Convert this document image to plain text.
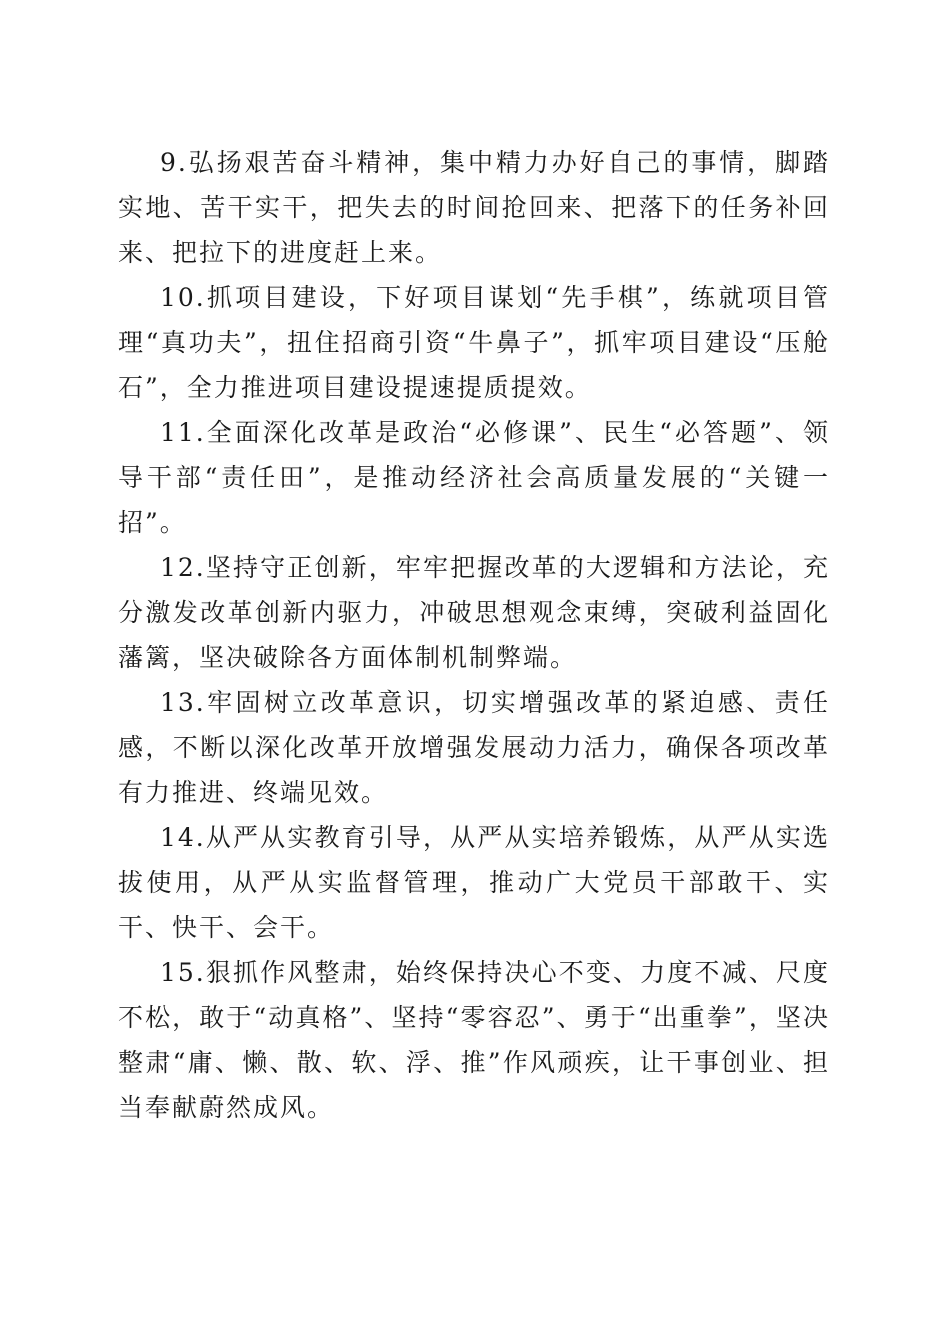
9.弘扬艰苦奋斗精神，集中精力办好自己的事情，脚踏实地、苦干实干，把失去的时间抢回来、把落下的任务补回来、把拉下的进度赶上来。

10.抓项目建设，下好项目谋划“先手棋”，练就项目管理“真功夫”，扭住招商引资“牛鼻子”，抓牢项目建设“压舱石”，全力推进项目建设提速提质提效。

11.全面深化改革是政治“必修课”、民生“必答题”、领导干部“责任田”，是推动经济社会高质量发展的“关键一招”。

12.坚持守正创新，牢牢把握改革的大逻辑和方法论，充分激发改革创新内驱力，冲破思想观念束缚，突破利益固化藩篱，坚决破除各方面体制机制弊端。

13.牢固树立改革意识，切实增强改革的紧迫感、责任感，不断以深化改革开放增强发展动力活力，确保各项改革有力推进、终端见效。

14.从严从实教育引导，从严从实培养锻炼，从严从实选拔使用，从严从实监督管理，推动广大党员干部敢干、实干、快干、会干。

15.狠抓作风整肃，始终保持决心不变、力度不减、尺度不松，敢于“动真格”、坚持“零容忍”、勇于“出重拳”，坚决整肃“庸、懒、散、软、浮、推”作风顽疾，让干事创业、担当奉献蔚然成风。
